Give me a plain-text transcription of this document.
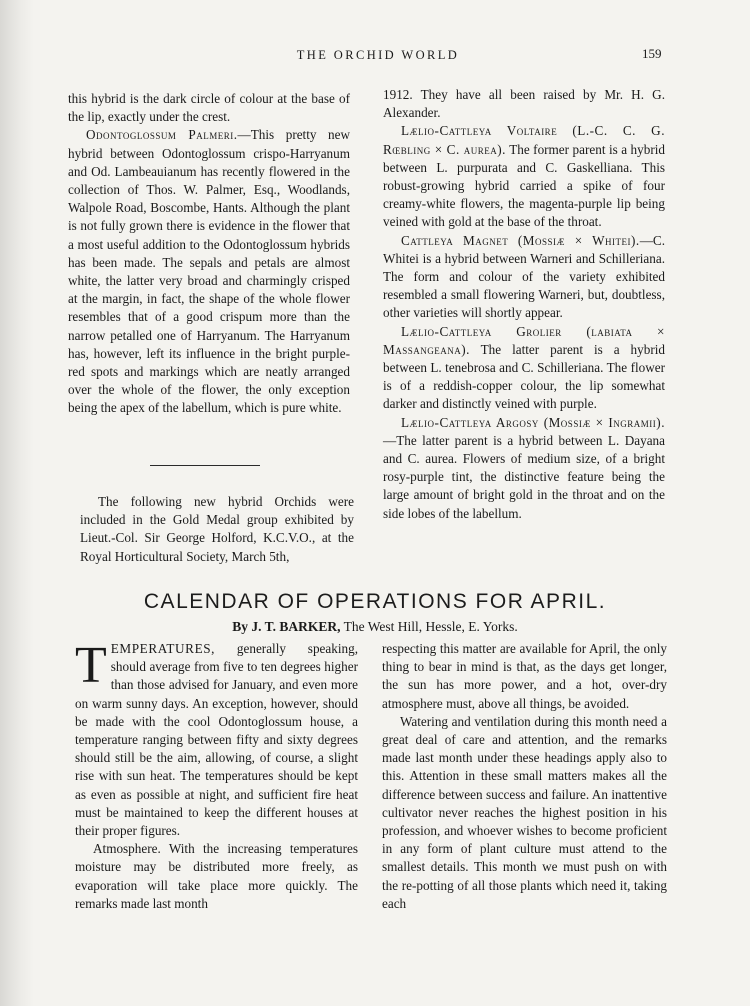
THE ORCHID WORLD	159

this hybrid is the dark circle of colour at the base of the lip, exactly under the crest.

Odontoglossum Palmeri.—This pretty new hybrid between Odontoglossum crispo-Harryanum and Od. Lambeauianum has recently flowered in the collection of Thos. W. Palmer, Esq., Woodlands, Walpole Road, Boscombe, Hants. Although the plant is not fully grown there is evidence in the flower that a most useful addition to the Odontoglossum hybrids has been made. The sepals and petals are almost white, the latter very broad and charmingly crisped at the margin, in fact, the shape of the whole flower resembles that of a good crispum more than the narrow petalled one of Harryanum. The Harryanum has, however, left its influence in the bright purple-red spots and markings which are neatly arranged over the whole of the flower, the only exception being the apex of the labellum, which is pure white.

The following new hybrid Orchids were included in the Gold Medal group exhibited by Lieut.-Col. Sir George Holford, K.C.V.O., at the Royal Horticultural Society, March 5th,

1912. They have all been raised by Mr. H. G. Alexander.

Lælio-Cattleya Voltaire (L.-C. C. G. Rœbling × C. aurea). The former parent is a hybrid between L. purpurata and C. Gaskelliana. This robust-growing hybrid carried a spike of four creamy-white flowers, the magenta-purple lip being veined with gold at the base of the throat.

Cattleya Magnet (Mossiæ × Whitei).—C. Whitei is a hybrid between Warneri and Schilleriana. The form and colour of the variety exhibited resembled a small flowering Warneri, but, doubtless, other varieties will shortly appear.

Lælio-Cattleya Grolier (labiata × Massangeana). The latter parent is a hybrid between L. tenebrosa and C. Schilleriana. The flower is of a reddish-copper colour, the lip somewhat darker and distinctly veined with purple.

Lælio-Cattleya Argosy (Mossiæ × Ingramii).—The latter parent is a hybrid between L. Dayana and C. aurea. Flowers of medium size, of a bright rosy-purple tint, the distinctive feature being the large amount of bright gold in the throat and on the side lobes of the labellum.

CALENDAR OF OPERATIONS FOR APRIL.
By J. T. BARKER, The West Hill, Hessle, E. Yorks.

TEMPERATURES, generally speaking, should average from five to ten degrees higher than those advised for January, and even more on warm sunny days. An exception, however, should be made with the cool Odontoglossum house, a temperature ranging between fifty and sixty degrees should still be the aim, allowing, of course, a slight rise with sun heat. The temperatures should be kept as even as possible at night, and sufficient fire heat must be maintained to keep the different houses at their proper figures.

Atmosphere. With the increasing temperatures moisture may be distributed more freely, as evaporation will take place more quickly. The remarks made last month

respecting this matter are available for April, the only thing to bear in mind is that, as the days get longer, the sun has more power, and a hot, over-dry atmosphere must, above all things, be avoided.

Watering and ventilation during this month need a great deal of care and attention, and the remarks made last month under these headings apply also to this. Attention in these small matters makes all the difference between success and failure. An inattentive cultivator never reaches the highest position in his profession, and whoever wishes to become proficient in any form of plant culture must attend to the smallest details. This month we must push on with the re-potting of all those plants which need it, taking each
